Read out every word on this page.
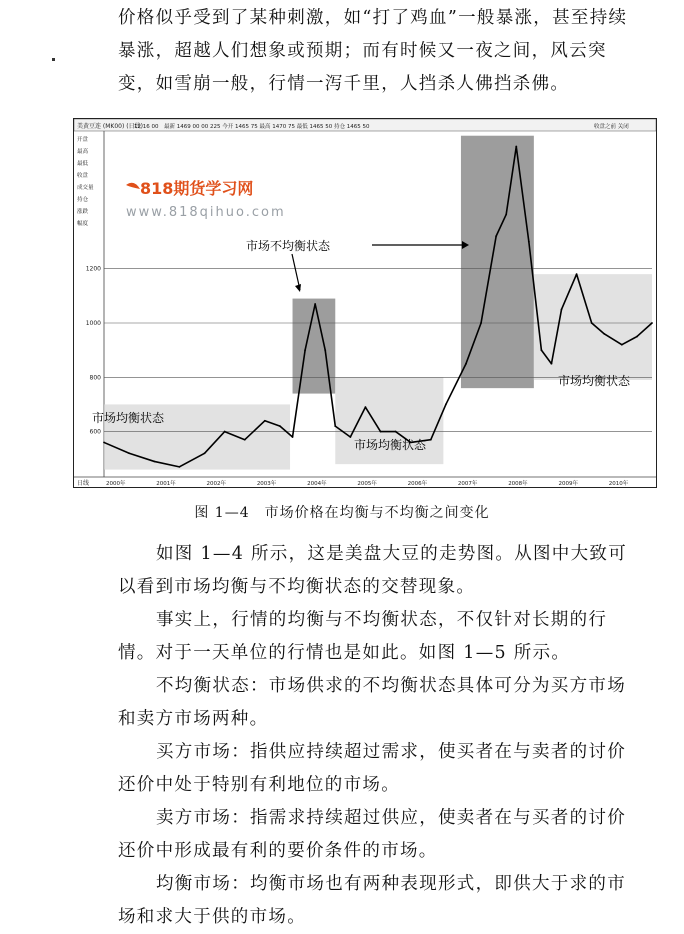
价格似乎受到了某种刺激，如“打了鸡血”一般暴涨，甚至持续暴涨，超越人们想象或预期；而有时候又一夜之间，风云突变，如雪崩一般，行情一泻千里，人挡杀人佛挡杀佛。
美黄豆连 (MK00) (日线)
12 16 00　最新 1469 00 00 225 今开 1465 75 最高 1470 75 最低 1465 50 持仓 1465 50	收盘之前 关闭
开盘
最高
最低
收盘
成交量
持仓
涨跌
幅度
600
800
1000
1200
日线	2000年	2001年	2002年	2003年	2004年	2005年	2006年	2007年	2008年	2009年	2010年
818期货学习网
www.818qihuo.com
市场不均衡状态
市场均衡状态
市场均衡状态
市场均衡状态
图 1—4　市场价格在均衡与不均衡之间变化

如图 1—4 所示，这是美盘大豆的走势图。从图中大致可以看到市场均衡与不均衡状态的交替现象。

事实上，行情的均衡与不均衡状态，不仅针对长期的行情。对于一天单位的行情也是如此。如图 1—5 所示。

不均衡状态：市场供求的不均衡状态具体可分为买方市场和卖方市场两种。

买方市场：指供应持续超过需求，使买者在与卖者的讨价还价中处于特别有利地位的市场。

卖方市场：指需求持续超过供应，使卖者在与买者的讨价还价中形成最有利的要价条件的市场。

均衡市场：均衡市场也有两种表现形式，即供大于求的市场和求大于供的市场。
